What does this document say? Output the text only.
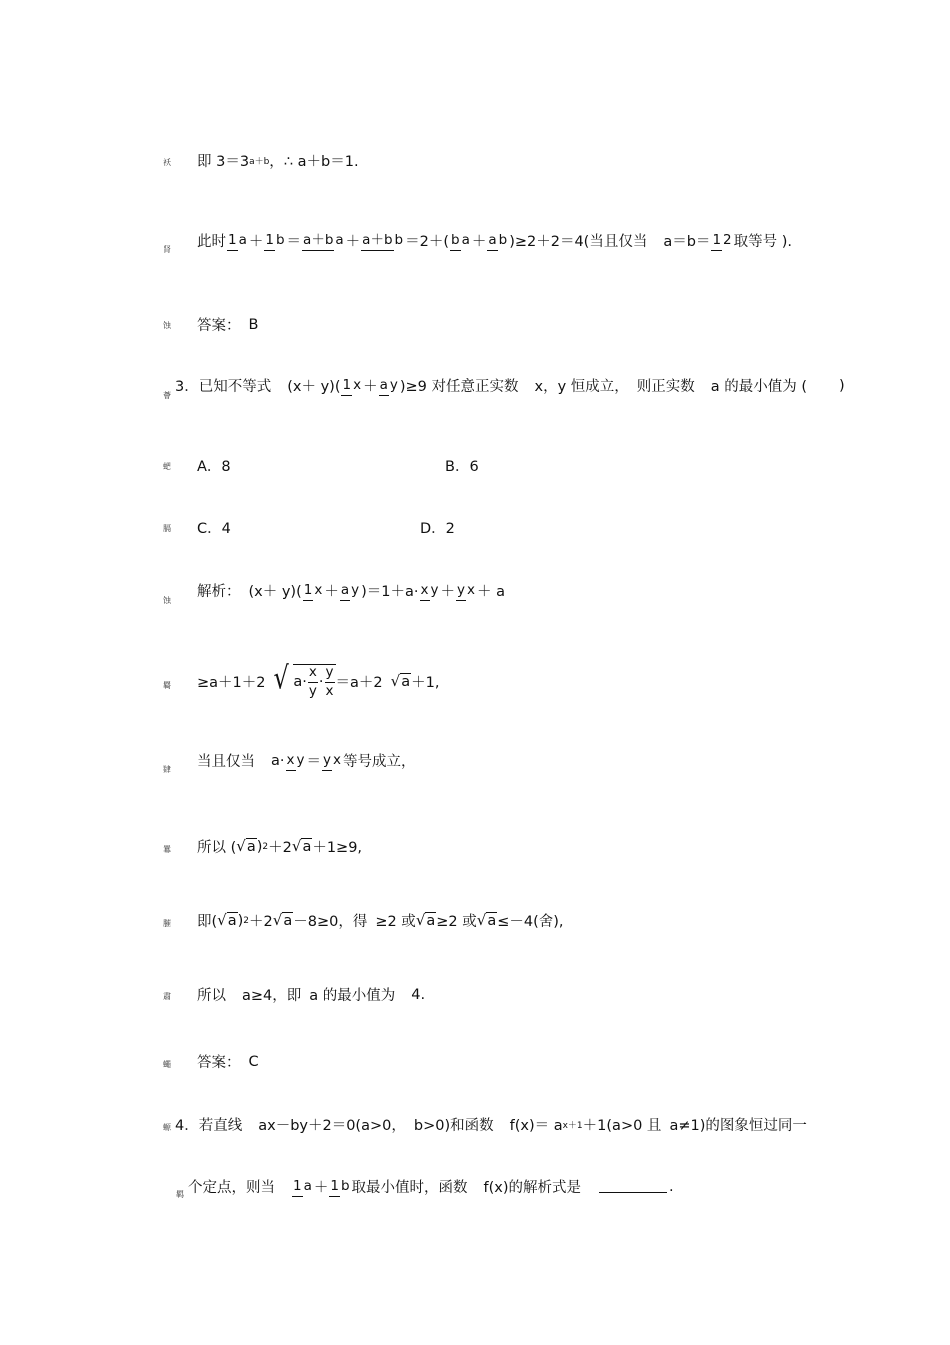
袄 即 3＝3 a＋b ，∴ a＋b＝1.
肾 此时 1 a ＋ 1 b ＝ a＋b a ＋ a＋b b ＝2＋( b a ＋ a b )≥2＋2＝4(当且仅当 a＝b＝ 1 2 取等号 ).
蚀 答案： B
薈
3．已知不等式 (x＋ y)( 1 x ＋ a y )≥9 对任意正实数 x，y 恒成立， 则正实数 a 的最小值为 ( )
蚆 A．8	B．6
膈 C．4	D．2
蚀
解析： (x＋ y)( 1 x ＋ a y )＝1＋a· x y ＋ y x ＋ a
羇 ≥a＋1＋2 √ a·
x
y
·
y
x ＝a＋2 √a ＋1,
肄 当且仅当 a· x y ＝ y x 等号成立，
羃 所以 ( √a ) 2 ＋2 √a ＋1≥9,
膗 即( √a ) 2 ＋2 √a －8≥0，得 ≥2 或 √a ≥2 或 √a ≤－4(舍),
肅 所以 a≥4，即 a 的最小值为 4.
蠅 答案： C
螈 4．若直线 ax－by＋2＝0(a>0， b>0)和函数 f(x)＝ a x＋1 ＋1(a>0 且 a≠1)的图象恒过同一
羁 个定点，则当 1 a ＋ 1 b 取最小值时，函数 f(x)的解析式是	.
